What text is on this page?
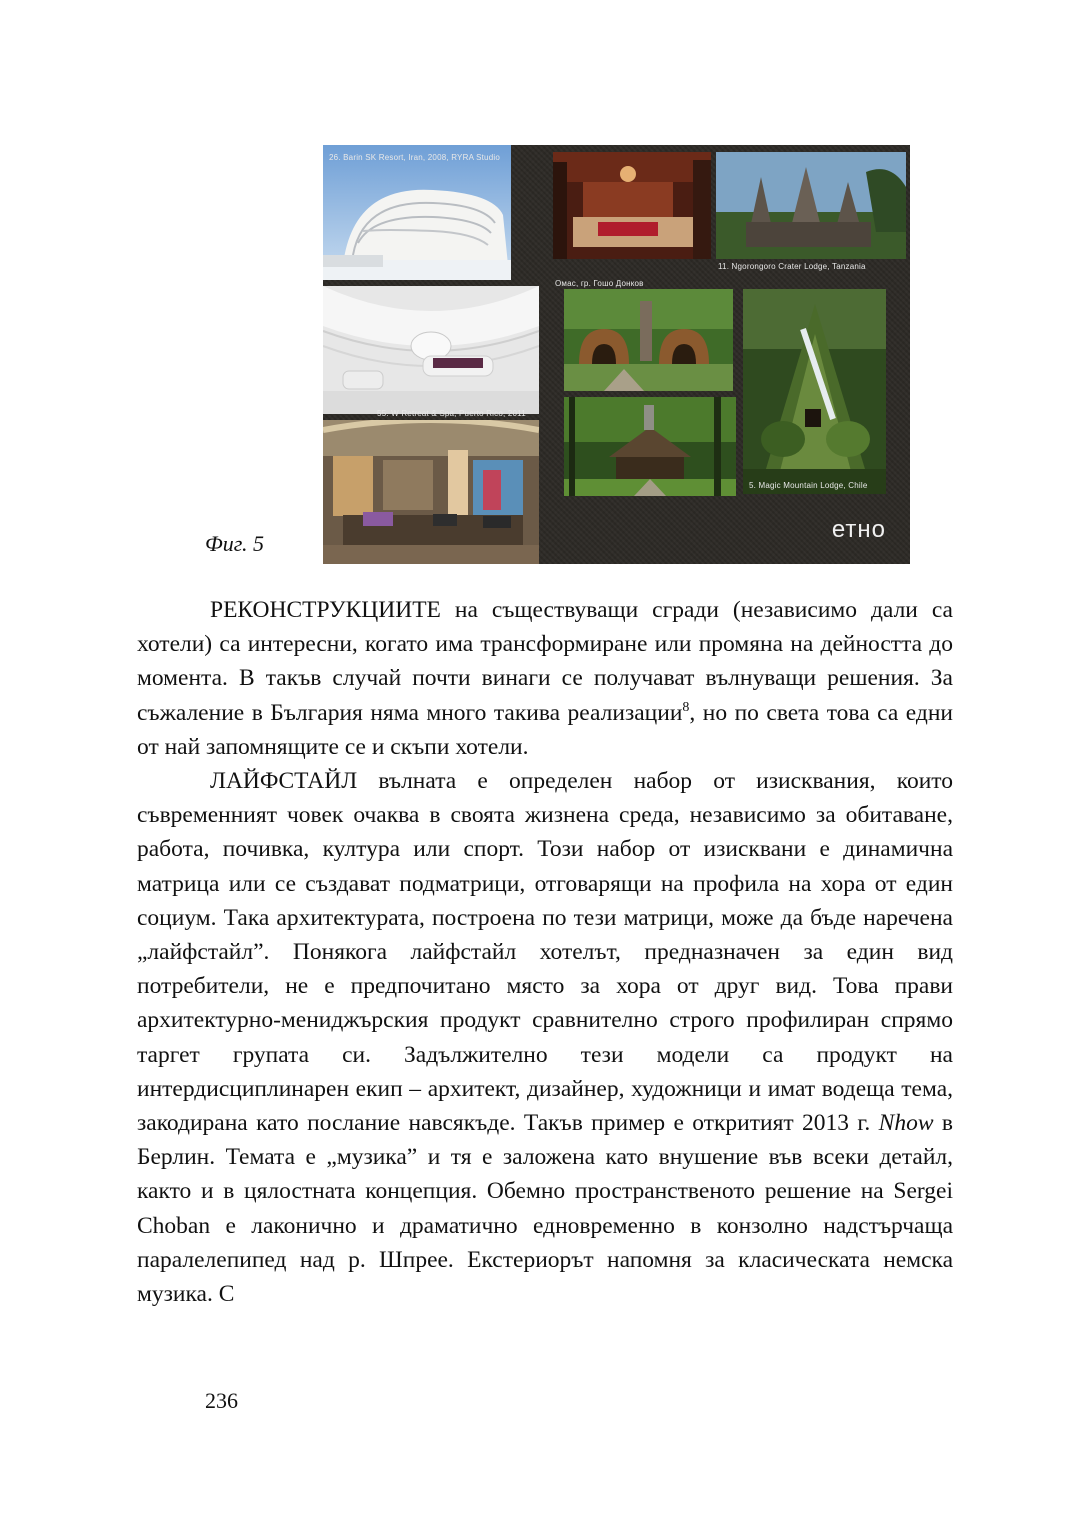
26. Barin SK Resort, Iran, 2008, RYRA Studio
11. Ngorongoro Crater Lodge, Tanzania
Омас, гр. Гошо Донков
55. W Retreat & Spa, Puerto Rico, 2011
5. Magic Mountain Lodge, Chile
етно
Фиг. 5

РЕКОНСТРУКЦИИТЕ на съществуващи сгради (независимо дали са хотели) са интересни, когато има трансформиране или промяна на дейността до момента. В такъв случай почти винаги се получават вълнуващи решения. За съжаление в България няма много такива реализации$^8$, но по света това са едни от най запомнящите се и скъпи хотели.

ЛАЙФСТАЙЛ вълната е определен набор от изисквания, които съвременният човек очаква в своята жизнена среда, независимо за обитаване, работа, почивка, култура или спорт. Този набор от изисквани е динамична матрица или се създават подматрици, отговарящи на профила на хора от един социум. Така архитектурата, построена по тези матрици, може да бъде наречена „лайфстайл”. Понякога лайфстайл хотелът, предназначен за един вид потребители, не е предпочитано място за хора от друг вид. Това прави архитектурно-мениджърския продукт сравнително строго профилиран спрямо таргет групата си. Задължително тези модели са продукт на интердисциплинарен екип – архитект, дизайнер, художници и имат водеща тема, закодирана като послание навсякъде. Такъв пример е откритият 2013 г. Nhow в Берлин. Темата е „музика” и тя е заложена като внушение във всеки детайл, както и в цялостната концепция. Обемно пространственото решение на Sergei Choban е лаконично и драматично едновременно в конзолно надстърчаща паралелепипед над р. Шпрее. Екстериорът напомня за класическата немска музика. С

236
